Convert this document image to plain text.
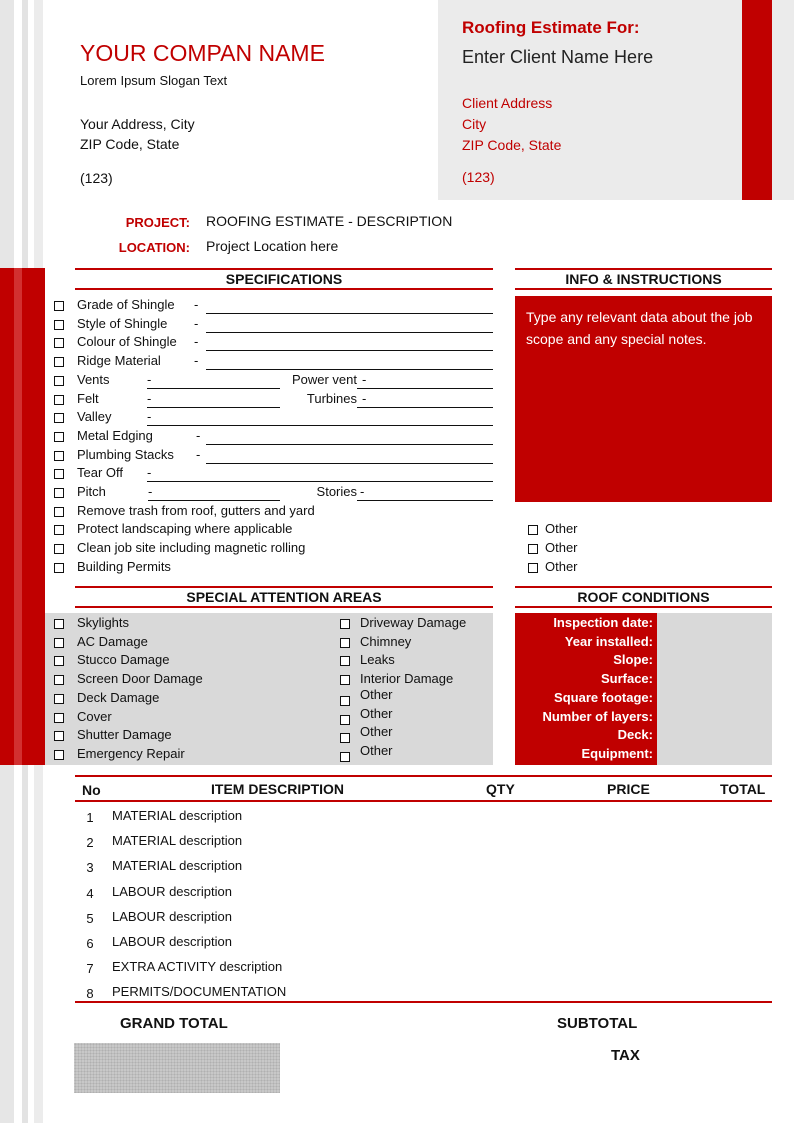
YOUR COMPAN NAME
Lorem Ipsum Slogan Text
Your Address, City
ZIP Code, State
(123)
Roofing Estimate For:
Enter Client Name Here
Client Address
City
ZIP Code, State
(123)
PROJECT: ROOFING ESTIMATE - DESCRIPTION
LOCATION: Project Location here
SPECIFICATIONS
Grade of Shingle -
Style of Shingle -
Colour of Shingle -
Ridge Material	-
Vents	-	Power vent -
Felt	-	Turbines -
Valley	-
Metal Edging	-
Plumbing Stacks -
Tear Off -
Pitch	-	Stories -
Remove trash from roof, gutters and yard
Protect landscaping where applicable
Clean job site including magnetic rolling
Building Permits
INFO & INSTRUCTIONS
Type any relevant data about the job scope and any special notes.
Other
Other
Other
SPECIAL ATTENTION AREAS
Skylights
AC Damage
Stucco Damage
Screen Door Damage
Deck Damage
Cover
Shutter Damage
Emergency Repair
Driveway Damage
Chimney
Leaks
Interior Damage
Other
Other
Other
Other
ROOF CONDITIONS
Inspection date:
Year installed:
Slope:
Surface:
Square footage:
Number of layers:
Deck:
Equipment:
No	ITEM DESCRIPTION	QTY	PRICE	TOTAL
1	MATERIAL description
2	MATERIAL description
3	MATERIAL description
4	LABOUR description
5	LABOUR description
6	LABOUR description
7	EXTRA ACTIVITY description
8	PERMITS/DOCUMENTATION
GRAND TOTAL	SUBTOTAL
TAX
